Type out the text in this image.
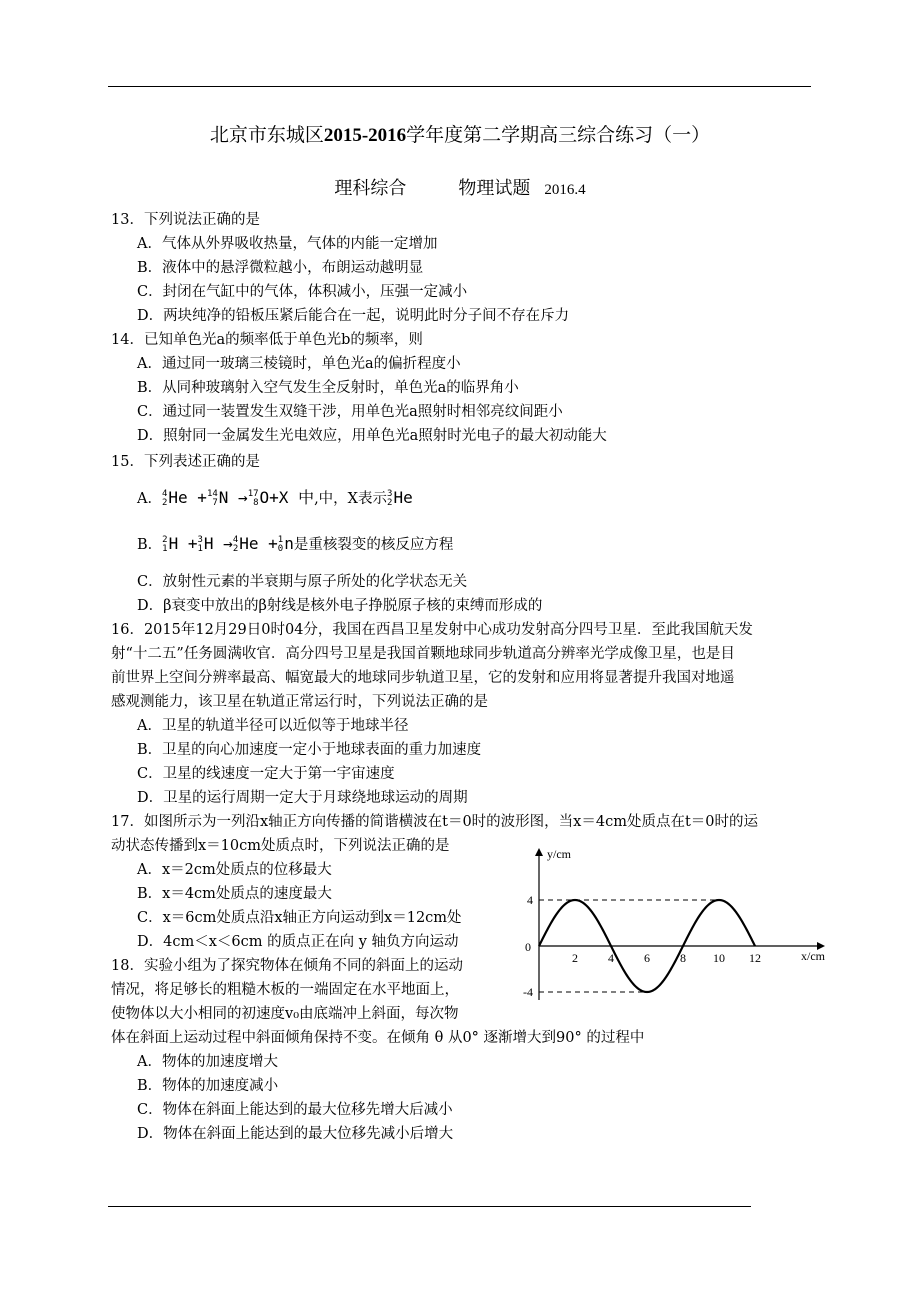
北京市东城区2015-2016学年度第二学期高三综合练习（一）
理科综合	物理试题 2016.4
13．下列说法正确的是
A．气体从外界吸收热量，气体的内能一定增加
B．液体中的悬浮微粒越小，布朗运动越明显
C．封闭在气缸中的气体，体积减小，压强一定减小
D．两块纯净的铅板压紧后能合在一起，说明此时分子间不存在斥力
14．已知单色光a的频率低于单色光b的频率，则
A．通过同一玻璃三棱镜时，单色光a的偏折程度小
B．从同种玻璃射入空气发生全反射时，单色光a的临界角小
C．通过同一装置发生双缝干涉，用单色光a照射时相邻亮纹间距小
D．照射同一金属发生光电效应，用单色光a照射时光电子的最大初动能大
15．下列表述正确的是
A．4
2He +14
7N →17
8O+X 中,中，X表示3
2He
B．2
1H +3
1H →4
2He +1
0n是重核裂变的核反应方程
C．放射性元素的半衰期与原子所处的化学状态无关
D．β衰变中放出的β射线是核外电子挣脱原子核的束缚而形成的
16．2015年12月29日0时04分，我国在西昌卫星发射中心成功发射高分四号卫星．至此我国航天发
射“十二五”任务圆满收官．高分四号卫星是我国首颗地球同步轨道高分辨率光学成像卫星，也是目
前世界上空间分辨率最高、幅宽最大的地球同步轨道卫星，它的发射和应用将显著提升我国对地遥
感观测能力，该卫星在轨道正常运行时，下列说法正确的是
A．卫星的轨道半径可以近似等于地球半径
B．卫星的向心加速度一定小于地球表面的重力加速度
C．卫星的线速度一定大于第一宇宙速度
D．卫星的运行周期一定大于月球绕地球运动的周期
17．如图所示为一列沿x轴正方向传播的简谐横波在t＝0时的波形图，当x＝4cm处质点在t＝0时的运
动状态传播到x＝10cm处质点时，下列说法正确的是
A．x＝2cm处质点的位移最大
B．x＝4cm处质点的速度最大
C．x＝6cm处质点沿x轴正方向运动到x＝12cm处
D．4cm＜x＜6cm 的质点正在向 y 轴负方向运动
18．实验小组为了探究物体在倾角不同的斜面上的运动
情况，将足够长的粗糙木板的一端固定在水平地面上，
使物体以大小相同的初速度v₀由底端冲上斜面，每次物
体在斜面上运动过程中斜面倾角保持不变。在倾角 θ 从0° 逐渐增大到90° 的过程中
A．物体的加速度增大
B．物体的加速度减小
C．物体在斜面上能达到的最大位移先增大后减小
D．物体在斜面上能达到的最大位移先减小后增大
y/cm
x/cm
0
2	4	6	8 10 12
4
-4
